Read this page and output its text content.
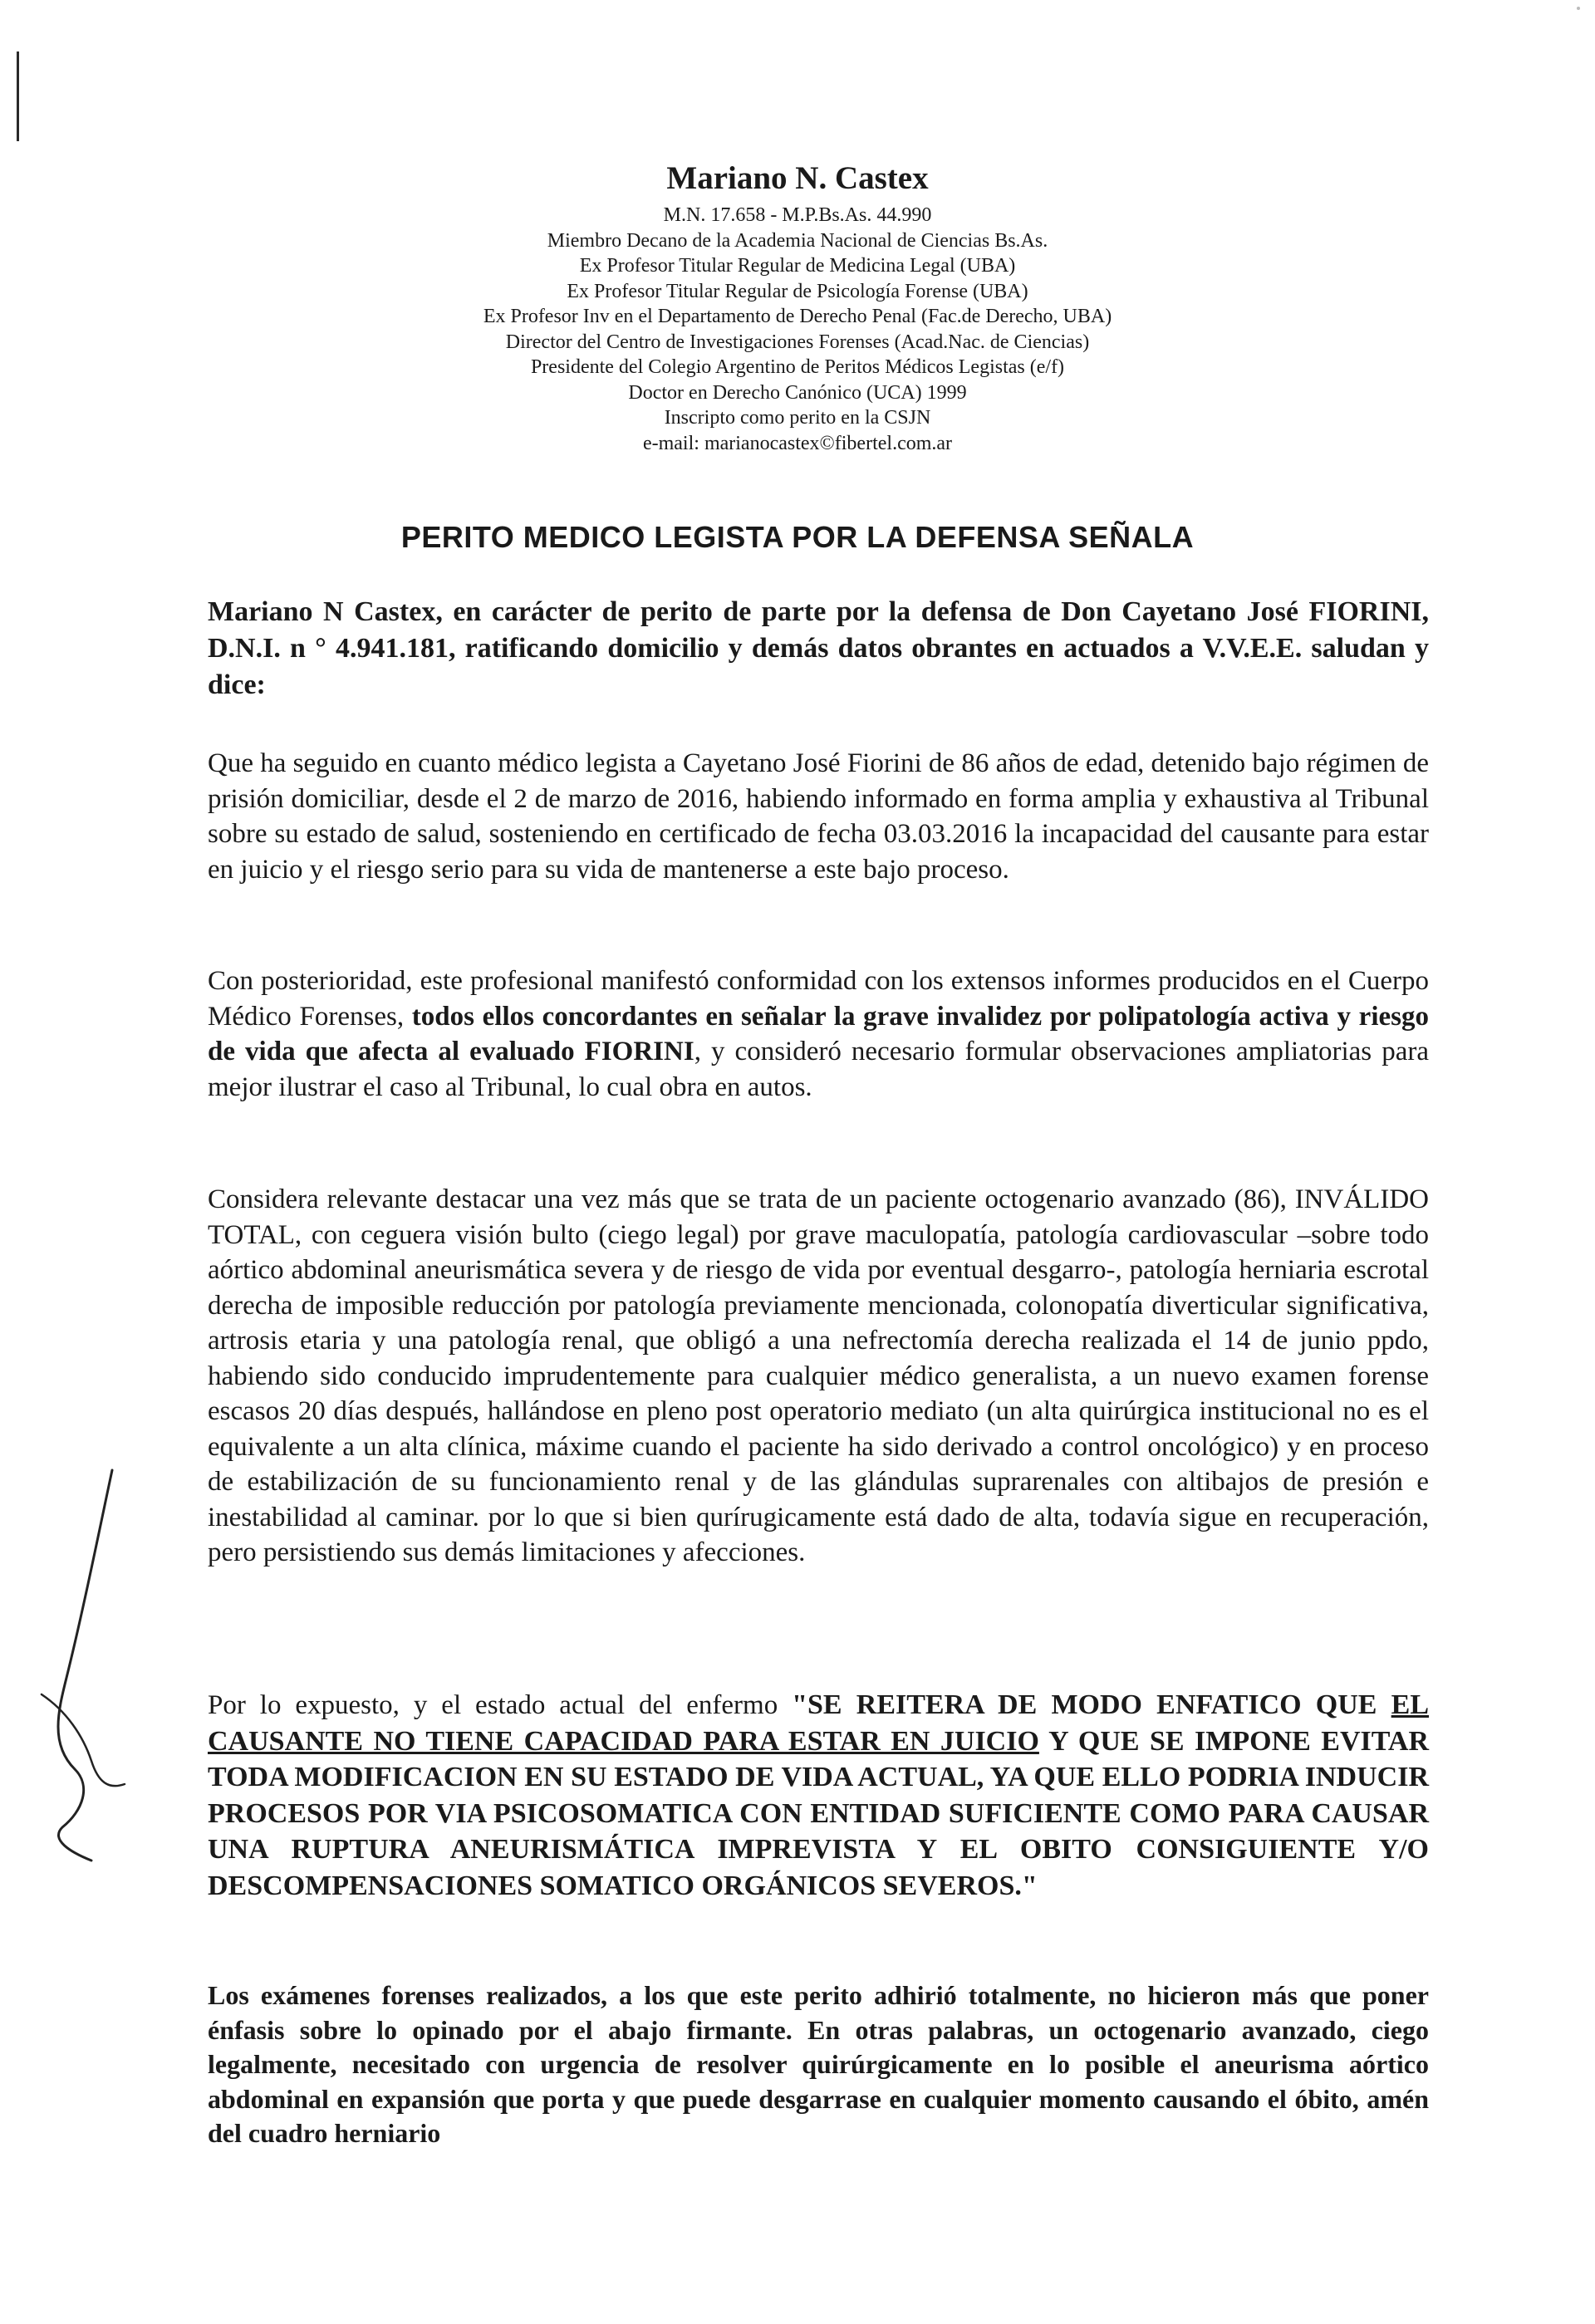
Mariano N. Castex
M.N. 17.658 - M.P.Bs.As. 44.990
Miembro Decano de la Academia Nacional de Ciencias Bs.As.
Ex Profesor Titular Regular de Medicina Legal (UBA)
Ex Profesor Titular Regular de Psicología Forense (UBA)
Ex Profesor Inv en el Departamento de Derecho Penal (Fac.de Derecho, UBA)
Director del Centro de Investigaciones Forenses (Acad.Nac. de Ciencias)
Presidente del Colegio Argentino de Peritos Médicos Legistas (e/f)
Doctor en Derecho Canónico (UCA) 1999
Inscripto como perito en la CSJN
e-mail: marianocastex©fibertel.com.ar
PERITO MEDICO LEGISTA POR LA DEFENSA SEÑALA

Mariano N Castex, en carácter de perito de parte por la defensa de Don Cayetano José FIORINI, D.N.I. n ° 4.941.181, ratificando domicilio y demás datos obrantes en actuados a V.V.E.E. saludan y dice:

Que ha seguido en cuanto médico legista a Cayetano José Fiorini de 86 años de edad, detenido bajo régimen de prisión domiciliar, desde el 2 de marzo de 2016, habiendo informado en forma amplia y exhaustiva al Tribunal sobre su estado de salud, sosteniendo en certificado de fecha 03.03.2016 la incapacidad del causante para estar en juicio y el riesgo serio para su vida de mantenerse a este bajo proceso.

Con posterioridad, este profesional manifestó conformidad con los extensos informes producidos en el Cuerpo Médico Forenses, todos ellos concordantes en señalar la grave invalidez por polipatología activa y riesgo de vida que afecta al evaluado FIORINI, y consideró necesario formular observaciones ampliatorias para mejor ilustrar el caso al Tribunal, lo cual obra en autos.

Considera relevante destacar una vez más que se trata de un paciente octogenario avanzado (86), INVÁLIDO TOTAL, con ceguera visión bulto (ciego legal) por grave maculopatía, patología cardiovascular –sobre todo aórtico abdominal aneurismática severa y de riesgo de vida por eventual desgarro-, patología herniaria escrotal derecha de imposible reducción por patología previamente mencionada, colonopatía diverticular significativa, artrosis etaria y una patología renal, que obligó a una nefrectomía derecha realizada el 14 de junio ppdo, habiendo sido conducido imprudentemente para cualquier médico generalista, a un nuevo examen forense escasos 20 días después, hallándose en pleno post operatorio mediato (un alta quirúrgica institucional no es el equivalente a un alta clínica, máxime cuando el paciente ha sido derivado a control oncológico) y en proceso de estabilización de su funcionamiento renal y de las glándulas suprarenales con altibajos de presión e inestabilidad al caminar. por lo que si bien qurírugicamente está dado de alta, todavía sigue en recuperación, pero persistiendo sus demás limitaciones y afecciones.

Por lo expuesto, y el estado actual del enfermo "SE REITERA DE MODO ENFATICO QUE EL CAUSANTE NO TIENE CAPACIDAD PARA ESTAR EN JUICIO Y QUE SE IMPONE EVITAR TODA MODIFICACION EN SU ESTADO DE VIDA ACTUAL, YA QUE ELLO PODRIA INDUCIR PROCESOS POR VIA PSICOSOMATICA CON ENTIDAD SUFICIENTE COMO PARA CAUSAR UNA RUPTURA ANEURISMÁTICA IMPREVISTA Y EL OBITO CONSIGUIENTE Y/O DESCOMPENSACIONES SOMATICO ORGÁNICOS SEVEROS."

Los exámenes forenses realizados, a los que este perito adhirió totalmente, no hicieron más que poner énfasis sobre lo opinado por el abajo firmante. En otras palabras, un octogenario avanzado, ciego legalmente, necesitado con urgencia de resolver quirúrgicamente en lo posible el aneurisma aórtico abdominal en expansión que porta y que puede desgarrase en cualquier momento causando el óbito, amén del cuadro herniario
